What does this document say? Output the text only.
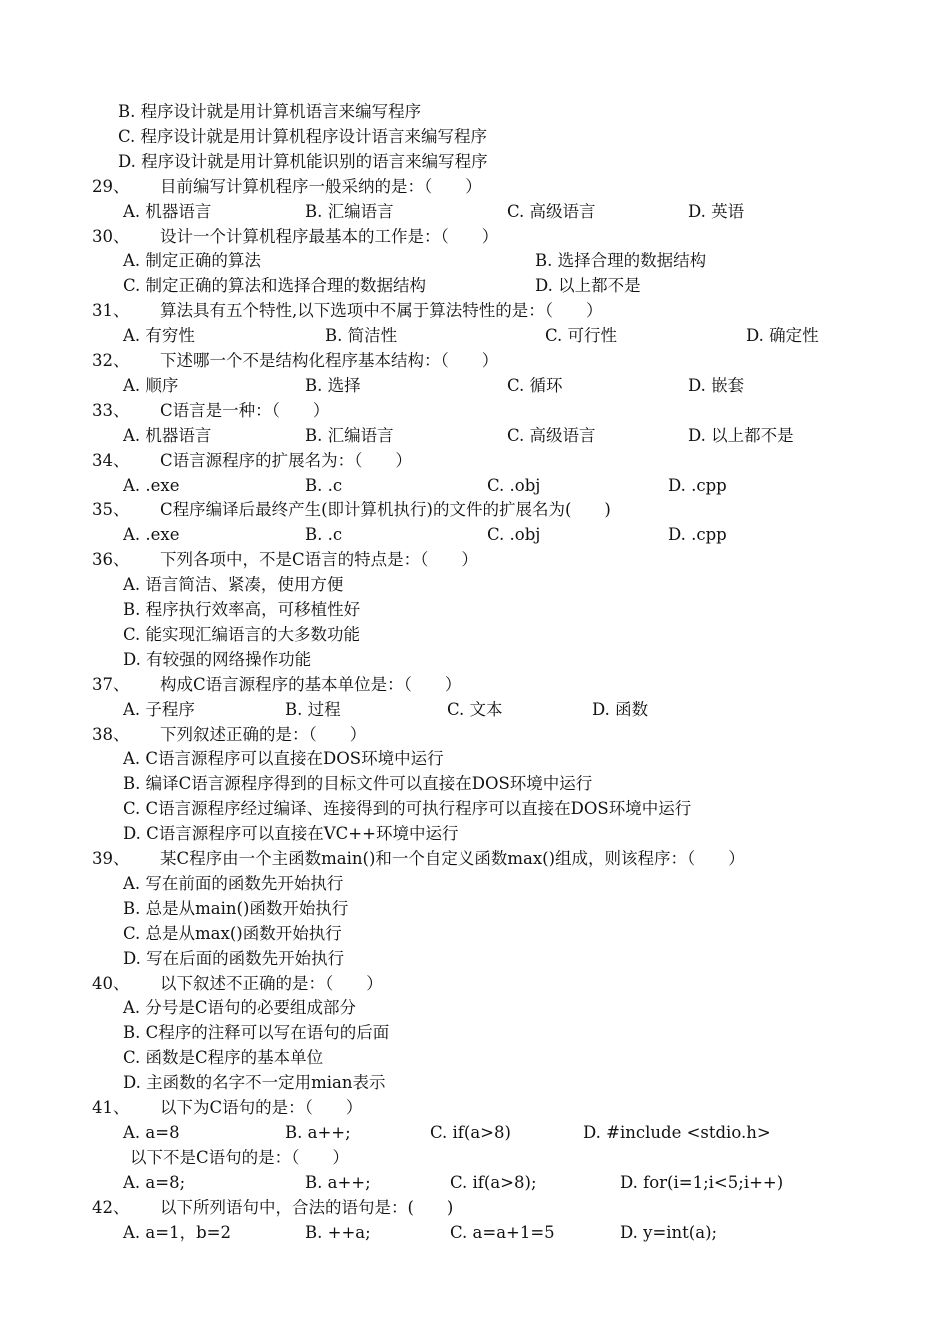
B. 程序设计就是用计算机语言来编写程序
C. 程序设计就是用计算机程序设计语言来编写程序
D. 程序设计就是用计算机能识别的语言来编写程序
29、 目前编写计算机程序一般采纳的是：（　　）
A. 机器语言	B. 汇编语言	C. 高级语言	D. 英语
30、 设计一个计算机程序最基本的工作是：（　　）
A. 制定正确的算法	B. 选择合理的数据结构
C. 制定正确的算法和选择合理的数据结构	D. 以上都不是
31、 算法具有五个特性,以下选项中不属于算法特性的是：（　　）
A. 有穷性	B. 简洁性	C. 可行性	D. 确定性
32、 下述哪一个不是结构化程序基本结构：（　　）
A. 顺序	B. 选择	C. 循环	D. 嵌套
33、 C语言是一种：（　　）
A. 机器语言	B. 汇编语言	C. 高级语言	D. 以上都不是
34、 C语言源程序的扩展名为：（　　）
A. .exe	B. .c	C. .obj	D. .cpp
35、 C程序编译后最终产生(即计算机执行)的文件的扩展名为(　　)
A. .exe	B. .c	C. .obj	D. .cpp
36、 下列各项中，不是C语言的特点是：（　　）
A. 语言简洁、紧凑，使用方便
B. 程序执行效率高，可移植性好
C. 能实现汇编语言的大多数功能
D. 有较强的网络操作功能
37、 构成C语言源程序的基本单位是：（　　）
A. 子程序	B. 过程	C. 文本	D. 函数
38、 下列叙述正确的是：（　　）
A. C语言源程序可以直接在DOS环境中运行
B. 编译C语言源程序得到的目标文件可以直接在DOS环境中运行
C. C语言源程序经过编译、连接得到的可执行程序可以直接在DOS环境中运行
D. C语言源程序可以直接在VC++环境中运行
39、 某C程序由一个主函数main()和一个自定义函数max()组成，则该程序：（　　）
A. 写在前面的函数先开始执行
B. 总是从main()函数开始执行
C. 总是从max()函数开始执行
D. 写在后面的函数先开始执行
40、 以下叙述不正确的是：（　　）
A. 分号是C语句的必要组成部分
B. C程序的注释可以写在语句的后面
C. 函数是C程序的基本单位
D. 主函数的名字不一定用mian表示
41、 以下为C语句的是：（　　）
A. a=8	B. a++;	C. if(a>8)	D. #include <stdio.h>
以下不是C语句的是：（　　）
A. a=8;	B. a++;	C. if(a>8);	D. for(i=1;i<5;i++)
42、 以下所列语句中，合法的语句是：(　　)
A. a=1，b=2	B. ++a;	C. a=a+1=5	D. y=int(a);
